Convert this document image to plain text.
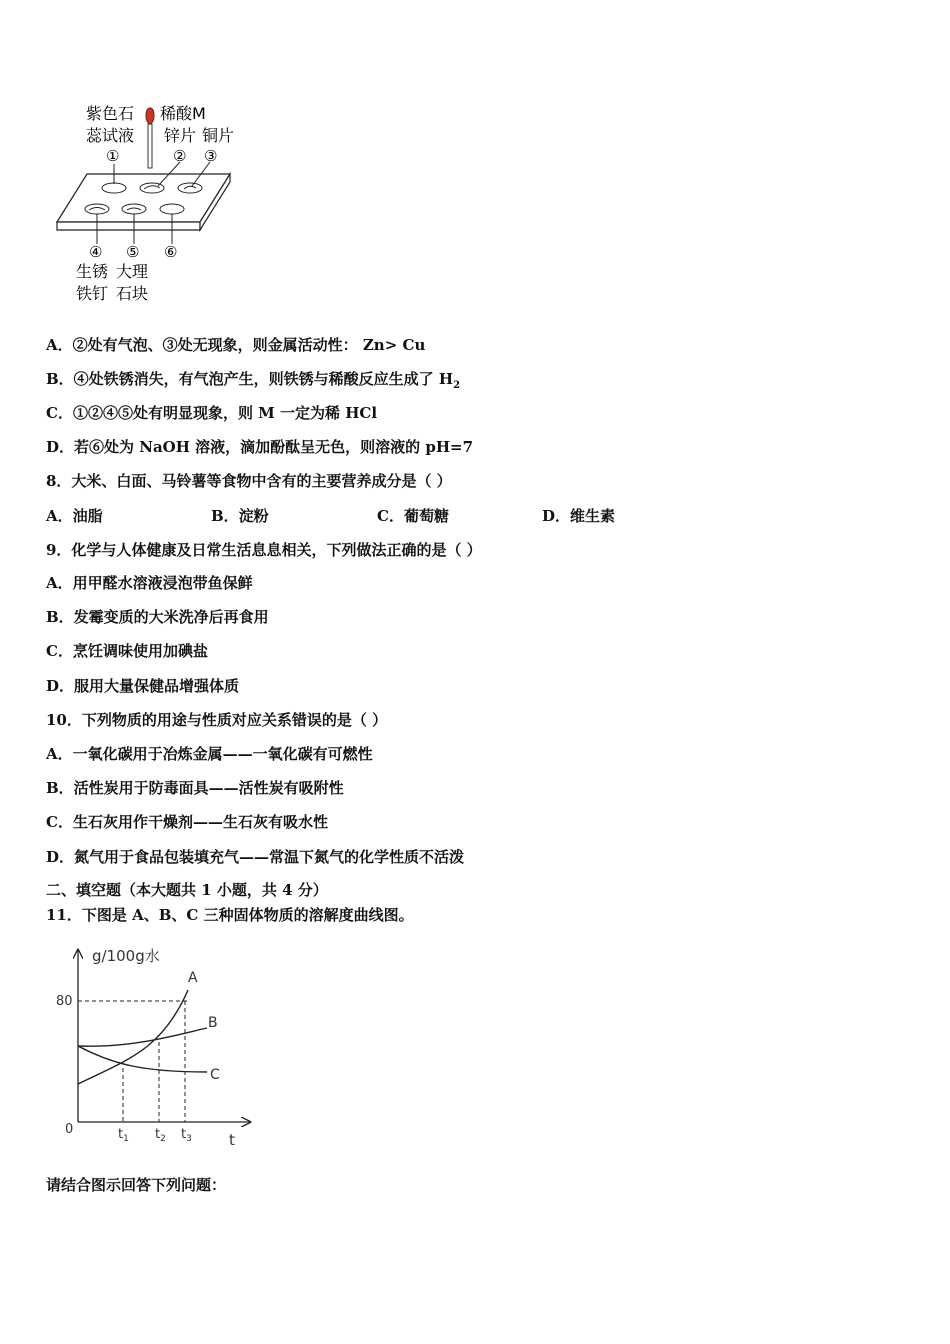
紫色石
蕊试液
稀酸M
锌片 铜片
①	② ③
④ ⑤ ⑥
生锈
铁钉
大理
石块
A．②处有气泡、③处无现象，则金属活动性： Zn> Cu
B．④处铁锈消失，有气泡产生，则铁锈与稀酸反应生成了 $H_2$
C．①②④⑤处有明显现象，则 M 一定为稀 HCl
D．若⑥处为 NaOH 溶液，滴加酚酞呈无色，则溶液的 pH=7
8．大米、白面、马铃薯等食物中含有的主要营养成分是（ ）
A．油脂	B．淀粉	C．葡萄糖	D．维生素
9．化学与人体健康及日常生活息息相关，下列做法正确的是（ ）
A．用甲醛水溶液浸泡带鱼保鲜
B．发霉变质的大米洗净后再食用
C．烹饪调味使用加碘盐
D．服用大量保健品增强体质
10．下列物质的用途与性质对应关系错误的是（ ）
A．一氧化碳用于冶炼金属——一氧化碳有可燃性
B．活性炭用于防毒面具——活性炭有吸附性
C．生石灰用作干燥剂——生石灰有吸水性
D．氮气用于食品包装填充气——常温下氮气的化学性质不活泼
二、填空题（本大题共 1 小题，共 4 分）
11．下图是 A、B、C 三种固体物质的溶解度曲线图。
g/100g水
t
0
80
A
B
C
$t_1$ $t_2$ $t_3$
请结合图示回答下列问题：
